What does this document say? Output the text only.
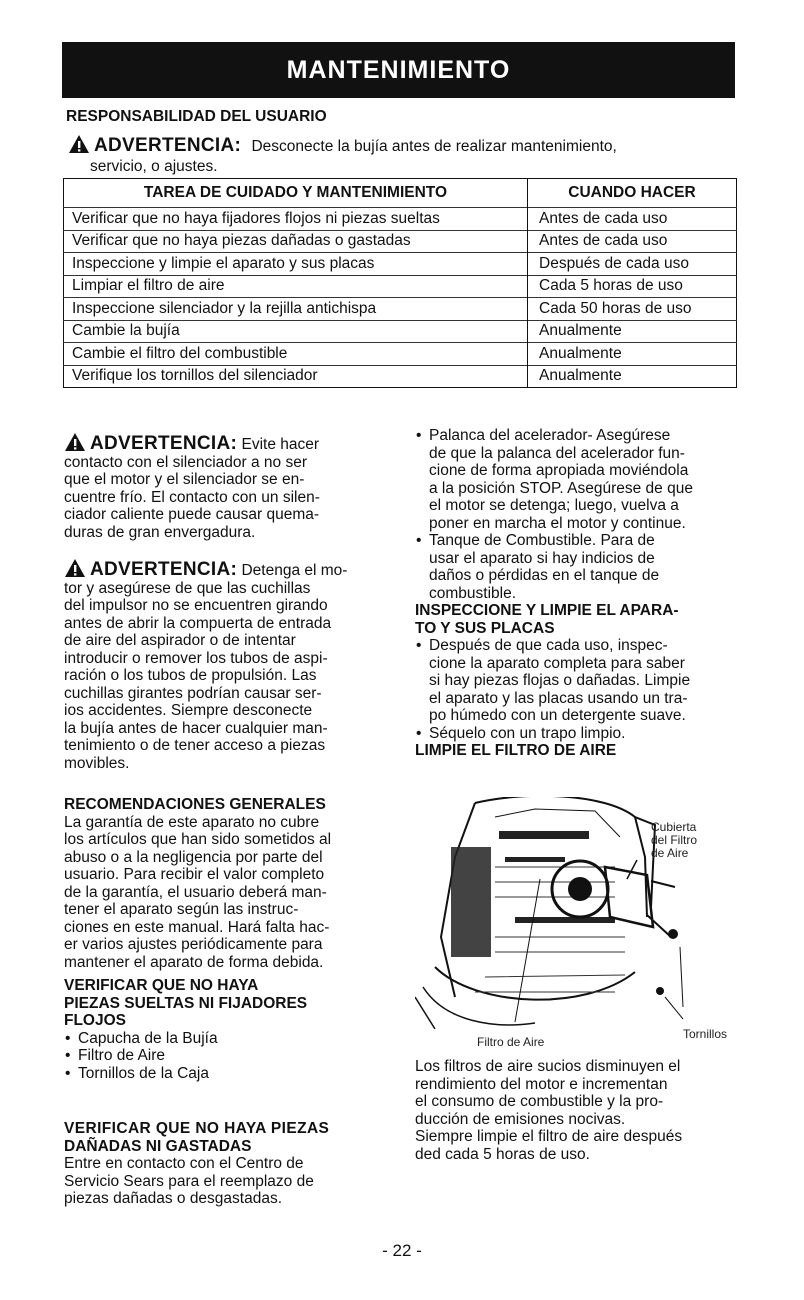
MANTENIMIENTO
RESPONSABILIDAD DEL USUARIO
ADVERTENCIA: Desconecte la bujía antes de realizar mantenimiento,
servicio, o ajustes.
TAREA DE CUIDADO Y MANTENIMIENTO	CUANDO HACER
Verificar que no haya fijadores flojos ni piezas sueltas	Antes de cada uso
Verificar que no haya piezas dañadas o gastadas	Antes de cada uso
Inspeccione y limpie el aparato y sus placas	Después de cada uso
Limpiar el filtro de aire	Cada 5 horas de uso
Inspeccione silenciador y la rejilla antichispa	Cada 50 horas de uso
Cambie la bujía	Anualmente
Cambie el filtro del combustible	Anualmente
Verifique los tornillos del silenciador	Anualmente

ADVERTENCIA: Evite hacer

contacto con el silenciador a no ser

que el motor y el silenciador se en-

cuentre frío. El contacto con un silen-

ciador caliente puede causar quema-

duras de gran envergadura.

ADVERTENCIA: Detenga el mo-

tor y asegúrese de que las cuchillas

del impulsor no se encuentren girando

antes de abrir la compuerta de entrada

de aire del aspirador o de intentar

introducir o remover los tubos de aspi-

ración o los tubos de propulsión. Las

cuchillas girantes podrían causar ser-

ios accidentes. Siempre desconecte

la bujía antes de hacer cualquier man-

tenimiento o de tener acceso a piezas

movibles.

RECOMENDACIONES GENERALES

La garantía de este aparato no cubre

los artículos que han sido sometidos al

abuso o a la negligencia por parte del

usuario. Para recibir el valor completo

de la garantía, el usuario deberá man-

tener el aparato según las instruc-

ciones en este manual. Hará falta hac-

er varios ajustes periódicamente para

mantener el aparato de forma debida.

VERIFICAR QUE NO HAYA

PIEZAS SUELTAS NI FIJADORES

FLOJOS

• Capucha de la Bujía
• Filtro de Aire
• Tornillos de la Caja

VERIFICAR QUE NO HAYA PIEZAS

DAÑADAS NI GASTADAS

Entre en contacto con el Centro de

Servicio Sears para el reemplazo de

piezas dañadas o desgastadas.

• Palanca del acelerador- Asegúrese
de que la palanca del acelerador fun-
cione de forma apropiada moviéndola
a la posición STOP. Asegúrese de que
el motor se detenga; luego, vuelva a
poner en marcha el motor y continue.
• Tanque de Combustible. Para de
usar el aparato si hay indicios de
daños o pérdidas en el tanque de
combustible.

INSPECCIONE Y LIMPIE EL APARA-

TO Y SUS PLACAS

• Después de que cada uso, inspec-
cione la aparato completa para saber
si hay piezas flojas o dañadas. Limpie
el aparato y las placas usando un tra-
po húmedo con un detergente suave.
• Séquelo con un trapo limpio.

LIMPIE EL FILTRO DE AIRE

Cubierta
del Filtro
de Aire
Tornillos
Filtro de Aire

Los filtros de aire sucios disminuyen el

rendimiento del motor e incrementan

el consumo de combustible y la pro-

ducción de emisiones nocivas.

Siempre limpie el filtro de aire después

ded cada 5 horas de uso.

- 22 -
